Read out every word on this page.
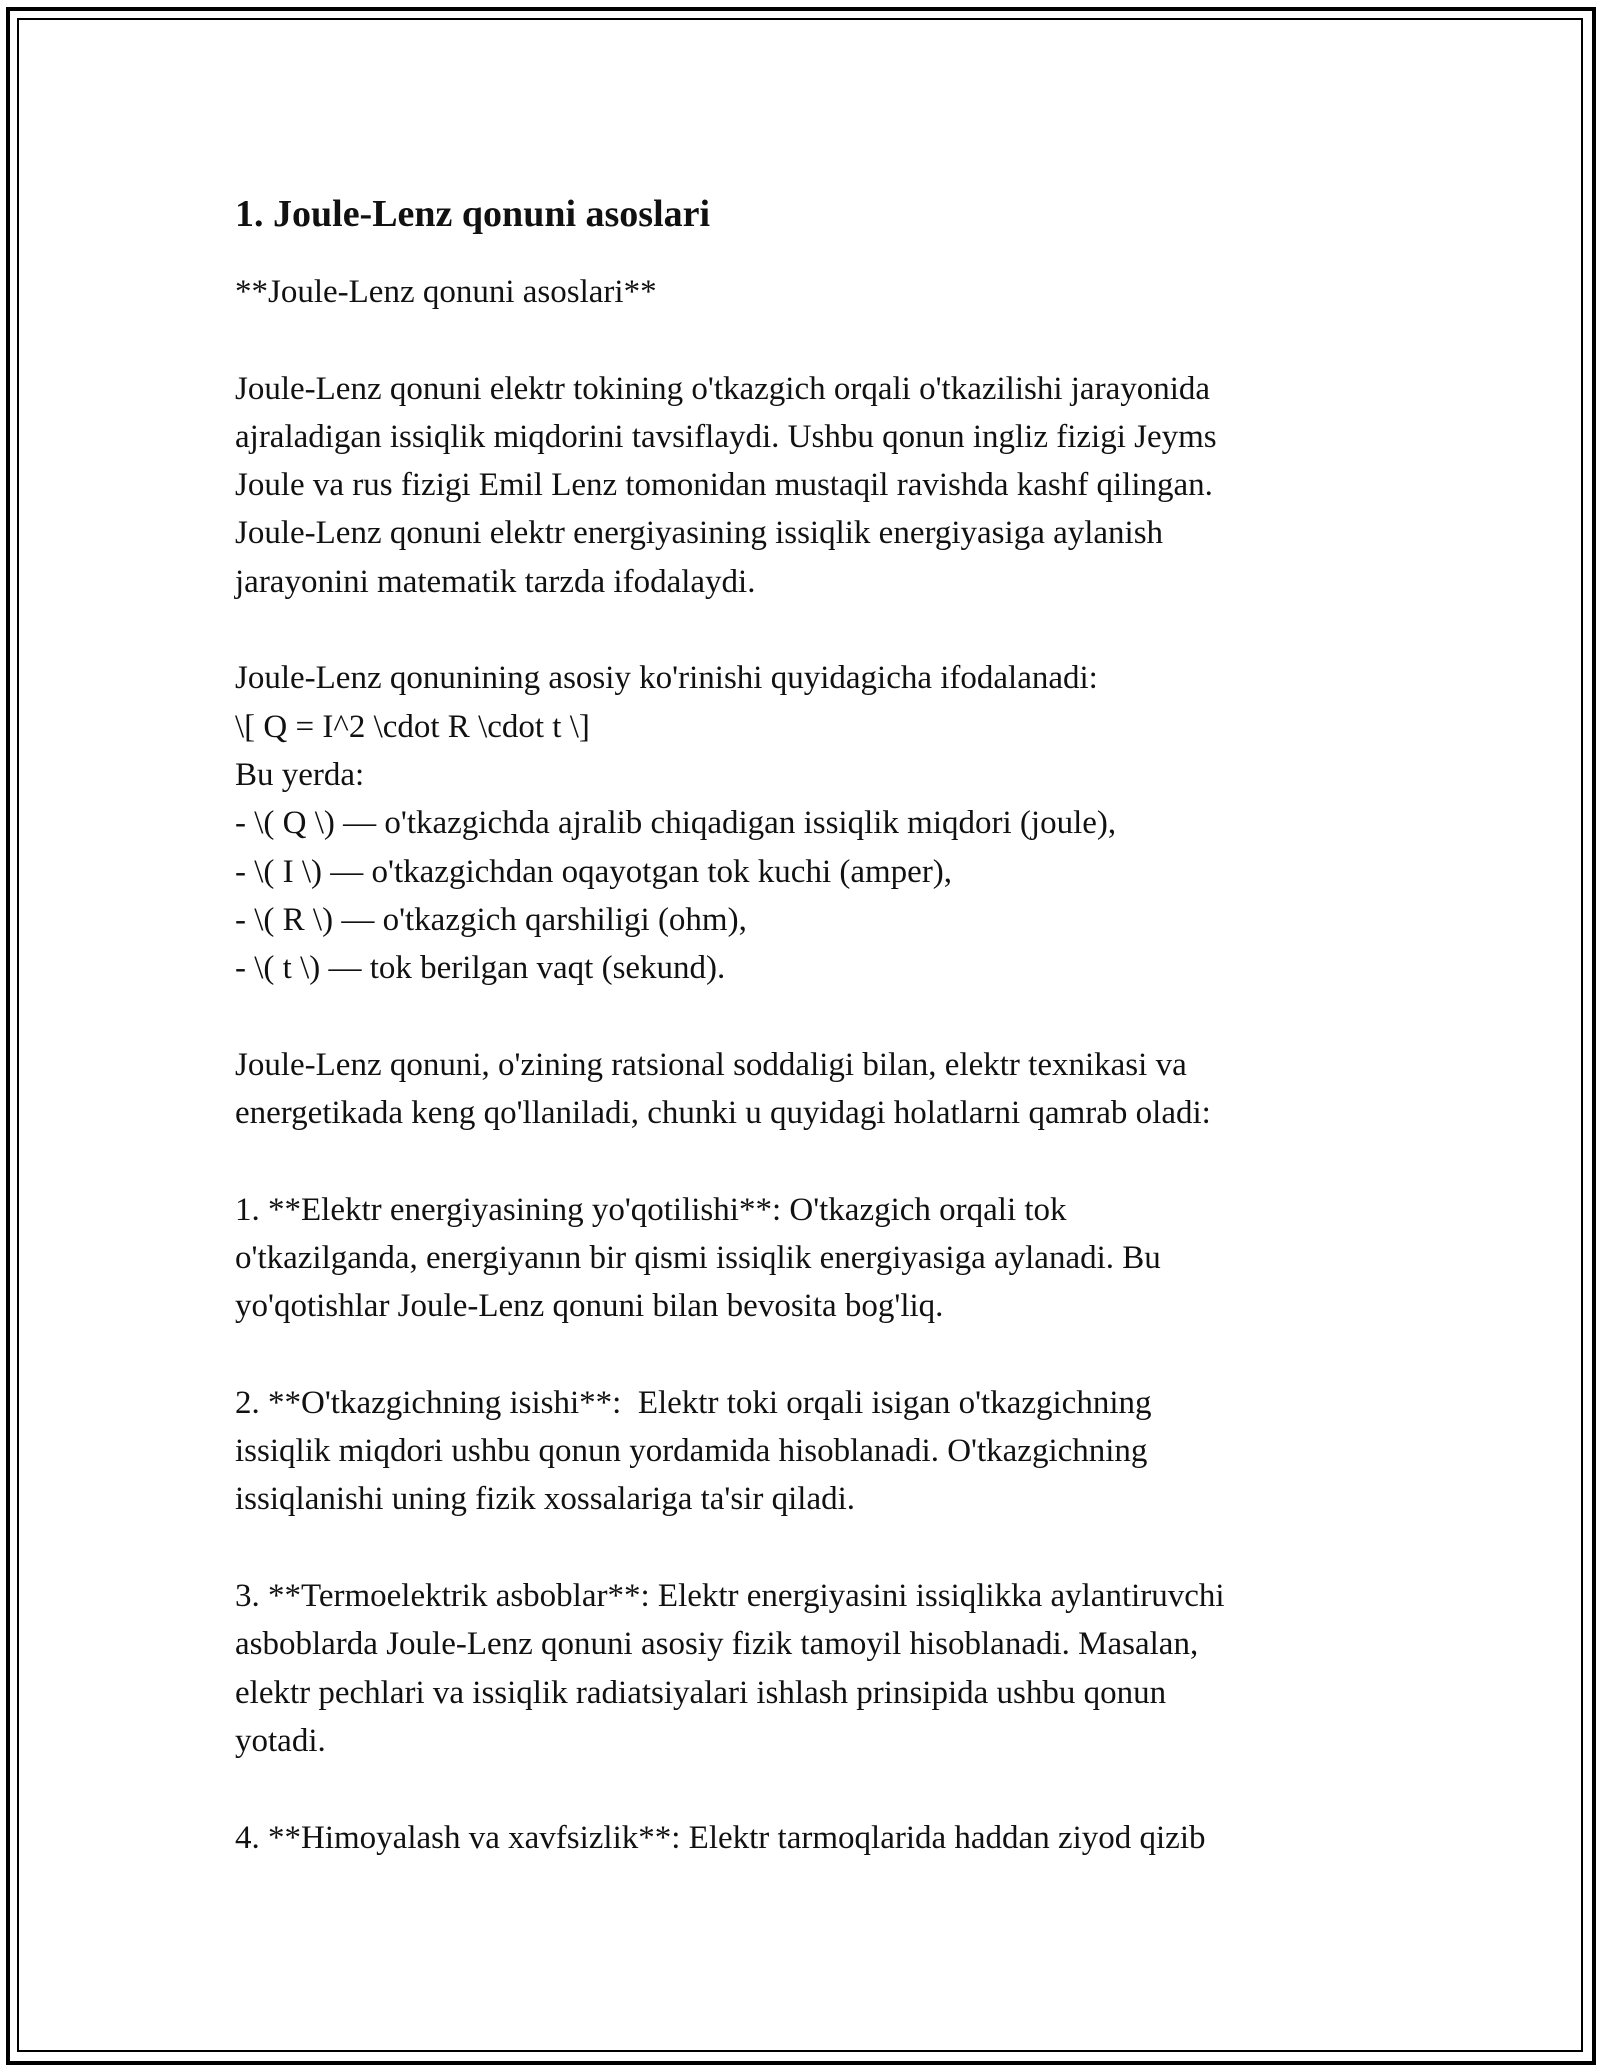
1. Joule-Lenz qonuni asoslari

**Joule-Lenz qonuni asoslari**

Joule-Lenz qonuni elektr tokining o'tkazgich orqali o'tkazilishi jarayonida
ajraladigan issiqlik miqdorini tavsiflaydi. Ushbu qonun ingliz fizigi Jeyms
Joule va rus fizigi Emil Lenz tomonidan mustaqil ravishda kashf qilingan.
Joule-Lenz qonuni elektr energiyasining issiqlik energiyasiga aylanish
jarayonini matematik tarzda ifodalaydi.

Joule-Lenz qonunining asosiy ko'rinishi quyidagicha ifodalanadi:
\[ Q = I^2 \cdot R \cdot t \]
Bu yerda:
- \( Q \) — o'tkazgichda ajralib chiqadigan issiqlik miqdori (joule),
- \( I \) — o'tkazgichdan oqayotgan tok kuchi (amper),
- \( R \) — o'tkazgich qarshiligi (ohm),
- \( t \) — tok berilgan vaqt (sekund).

Joule-Lenz qonuni, o'zining ratsional soddaligi bilan, elektr texnikasi va
energetikada keng qo'llaniladi, chunki u quyidagi holatlarni qamrab oladi:

1. **Elektr energiyasining yo'qotilishi**: O'tkazgich orqali tok
o'tkazilganda, energiyanın bir qismi issiqlik energiyasiga aylanadi. Bu
yo'qotishlar Joule-Lenz qonuni bilan bevosita bog'liq.

2. **O'tkazgichning isishi**:  Elektr toki orqali isigan o'tkazgichning
issiqlik miqdori ushbu qonun yordamida hisoblanadi. O'tkazgichning
issiqlanishi uning fizik xossalariga ta'sir qiladi.

3. **Termoelektrik asboblar**: Elektr energiyasini issiqlikka aylantiruvchi
asboblarda Joule-Lenz qonuni asosiy fizik tamoyil hisoblanadi. Masalan,
elektr pechlari va issiqlik radiatsiyalari ishlash prinsipida ushbu qonun
yotadi.

4. **Himoyalash va xavfsizlik**: Elektr tarmoqlarida haddan ziyod qizib
